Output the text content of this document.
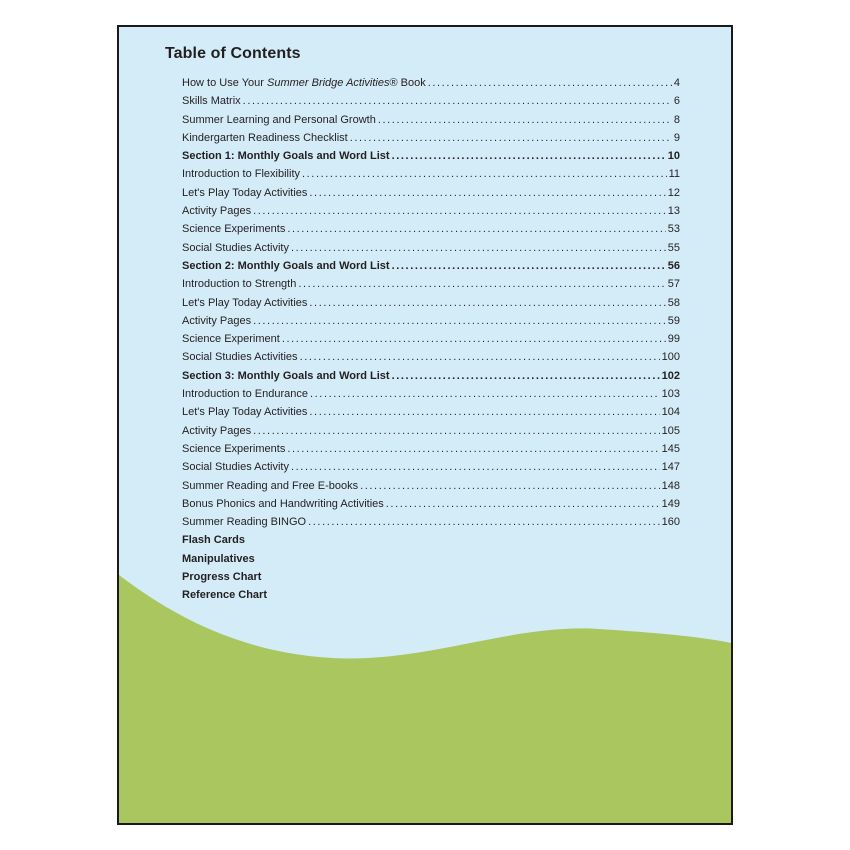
Table of Contents
How to Use Your Summer Bridge Activities® Book .....	4
Skills Matrix .....	6
Summer Learning and Personal Growth .....	8
Kindergarten Readiness Checklist .....	9
Section 1: Monthly Goals and Word List .....	10
Introduction to Flexibility .....	11
Let's Play Today Activities .....	12
Activity Pages .....	13
Science Experiments .....	53
Social Studies Activity .....	55
Section 2: Monthly Goals and Word List .....	56
Introduction to Strength .....	57
Let's Play Today Activities .....	58
Activity Pages .....	59
Science Experiment .....	99
Social Studies Activities .....	100
Section 3: Monthly Goals and Word List .....	102
Introduction to Endurance .....	103
Let's Play Today Activities .....	104
Activity Pages .....	105
Science Experiments .....	145
Social Studies Activity .....	147
Summer Reading and Free E-books .....	148
Bonus Phonics and Handwriting Activities .....	149
Summer Reading BINGO .....	160
Flash Cards
Manipulatives
Progress Chart
Reference Chart
